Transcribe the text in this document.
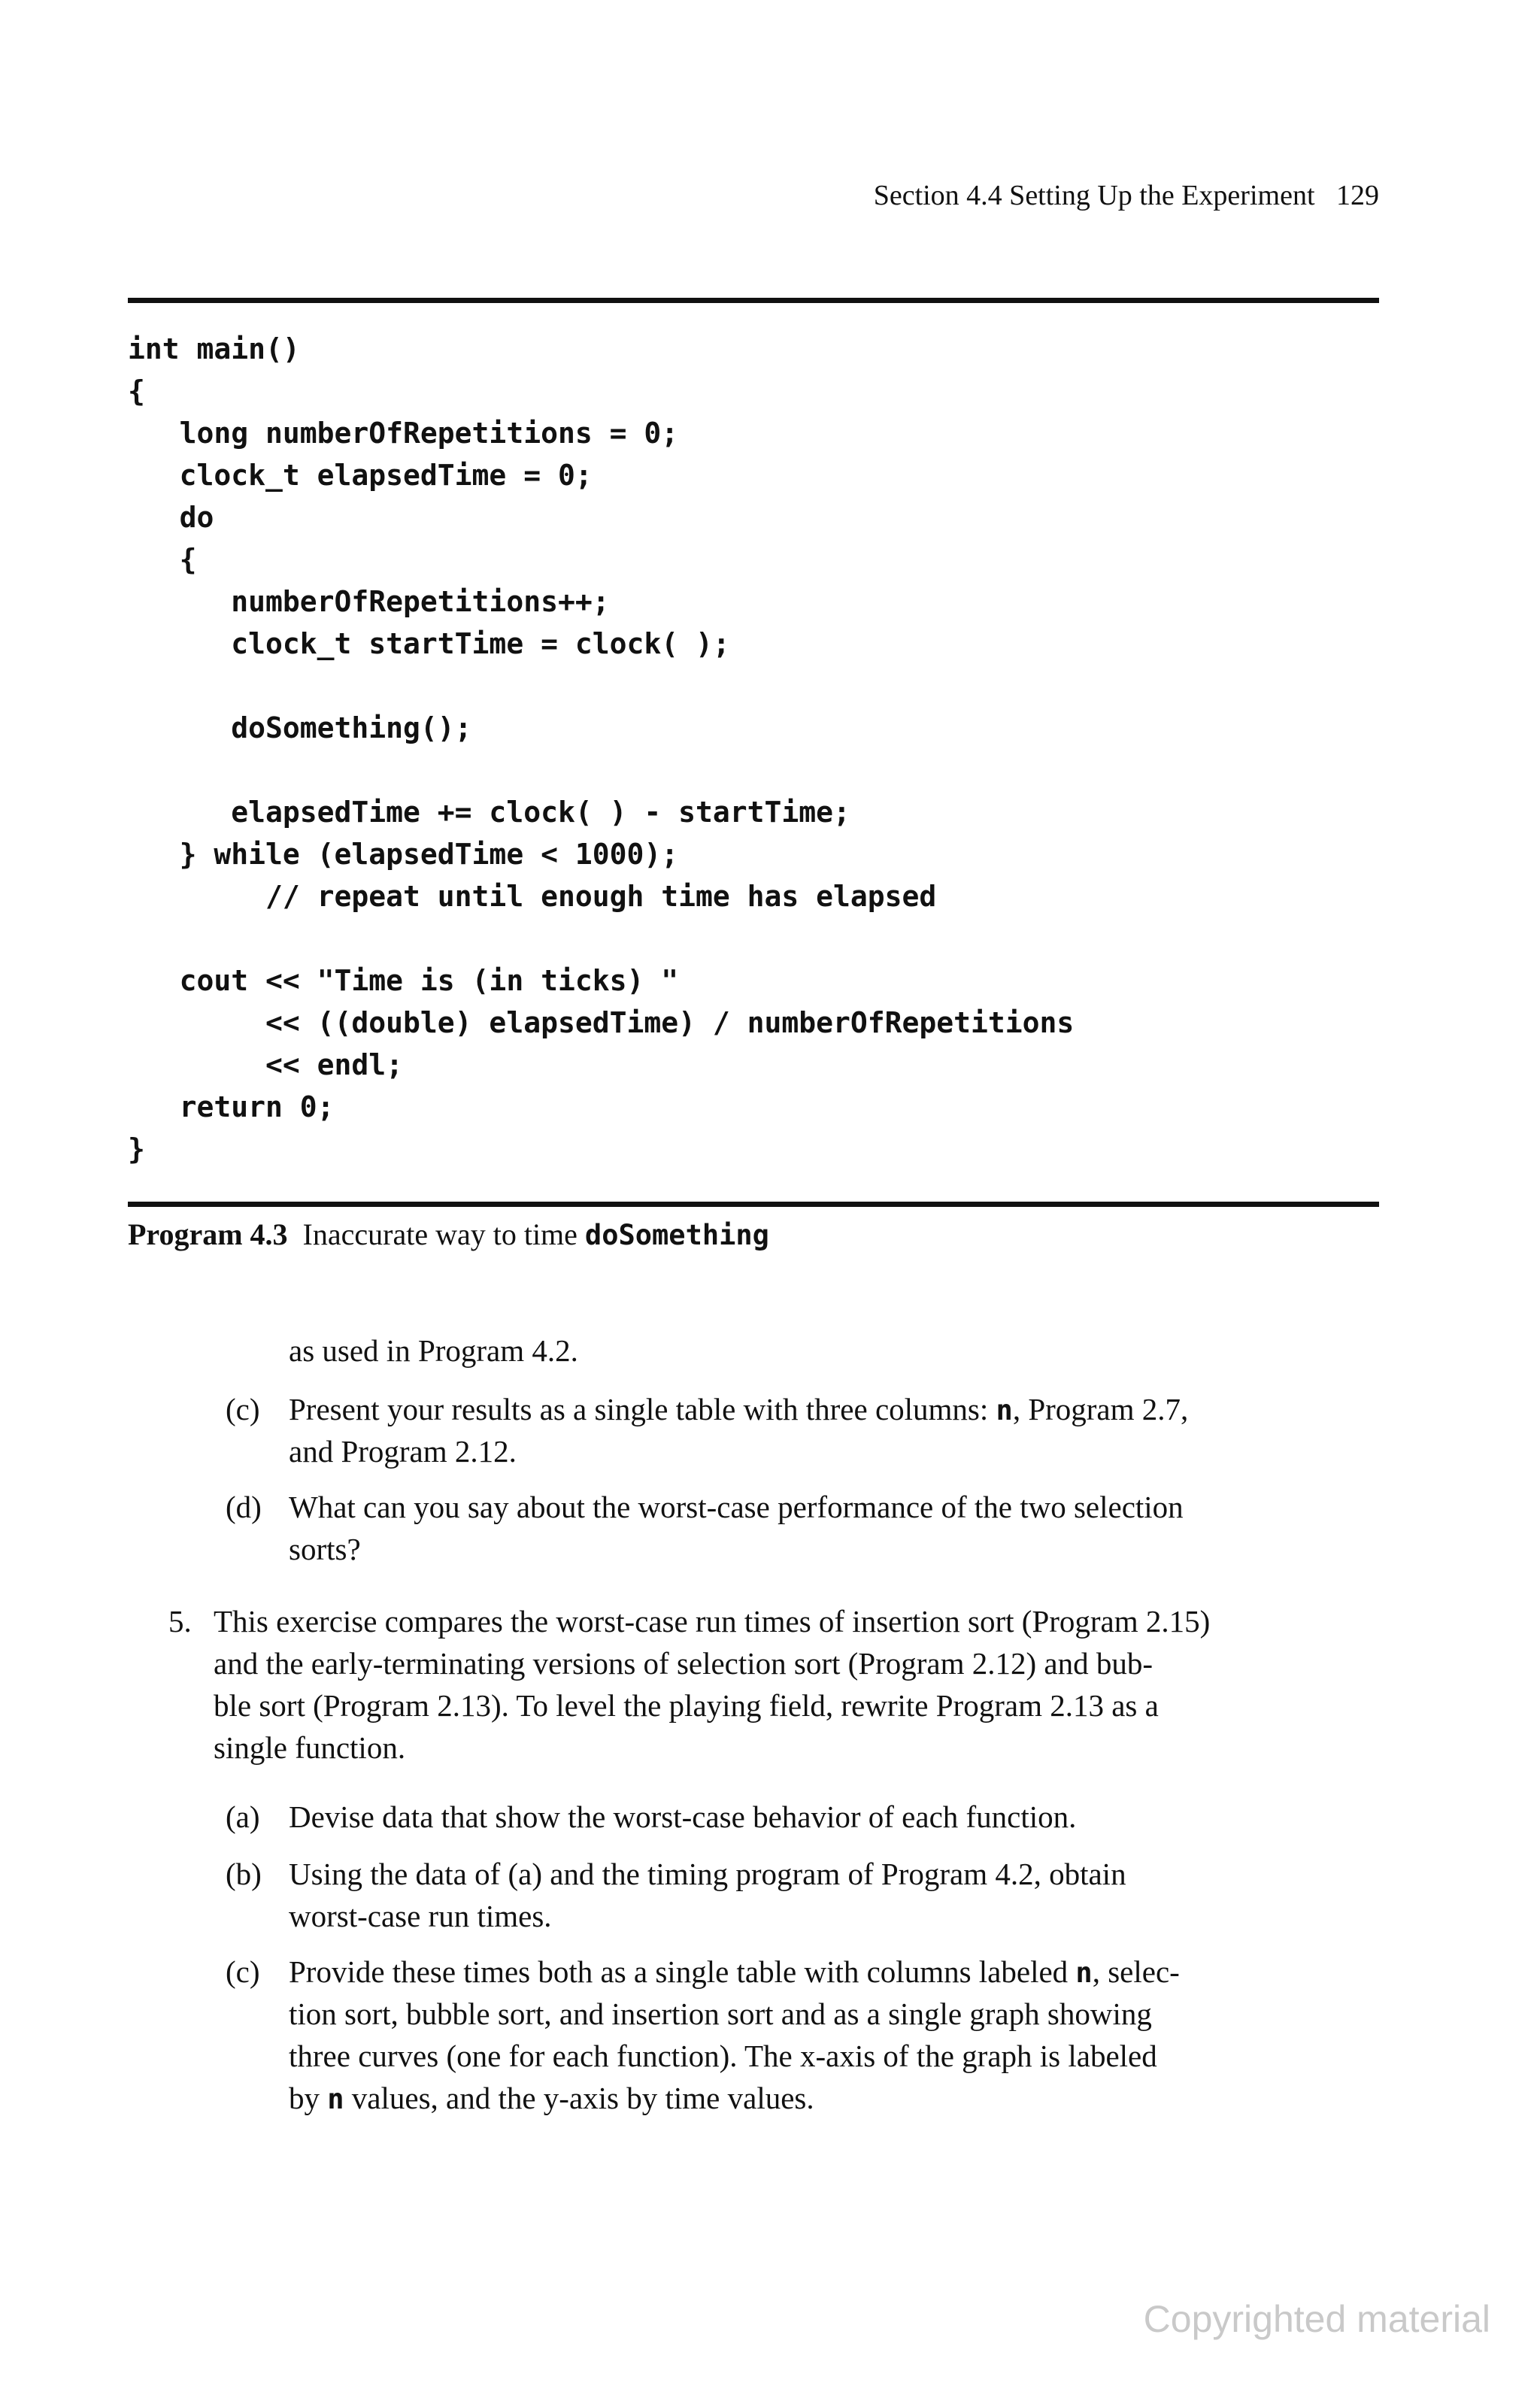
Section 4.4 Setting Up the Experiment 129
int main()
{
long numberOfRepetitions = 0;
clock_t elapsedTime = 0;
do
{
numberOfRepetitions++;
clock_t startTime = clock( );
doSomething();
elapsedTime += clock( ) - startTime;
} while (elapsedTime < 1000);
// repeat until enough time has elapsed
cout << "Time is (in ticks) "
<< ((double) elapsedTime) / numberOfRepetitions
<< endl;
return 0;
}
Program 4.3 Inaccurate way to time doSomething
as used in Program 4.2.
(c) Present your results as a single table with three columns: n, Program 2.7,
and Program 2.12.
(d) What can you say about the worst-case performance of the two selection
sorts?
5. This exercise compares the worst-case run times of insertion sort (Program 2.15)
and the early-terminating versions of selection sort (Program 2.12) and bub-
ble sort (Program 2.13). To level the playing field, rewrite Program 2.13 as a
single function.
(a) Devise data that show the worst-case behavior of each function.
(b) Using the data of (a) and the timing program of Program 4.2, obtain
worst-case run times.
(c) Provide these times both as a single table with columns labeled n, selec-
tion sort, bubble sort, and insertion sort and as a single graph showing
three curves (one for each function). The x-axis of the graph is labeled
by n values, and the y-axis by time values.
Copyrighted material
